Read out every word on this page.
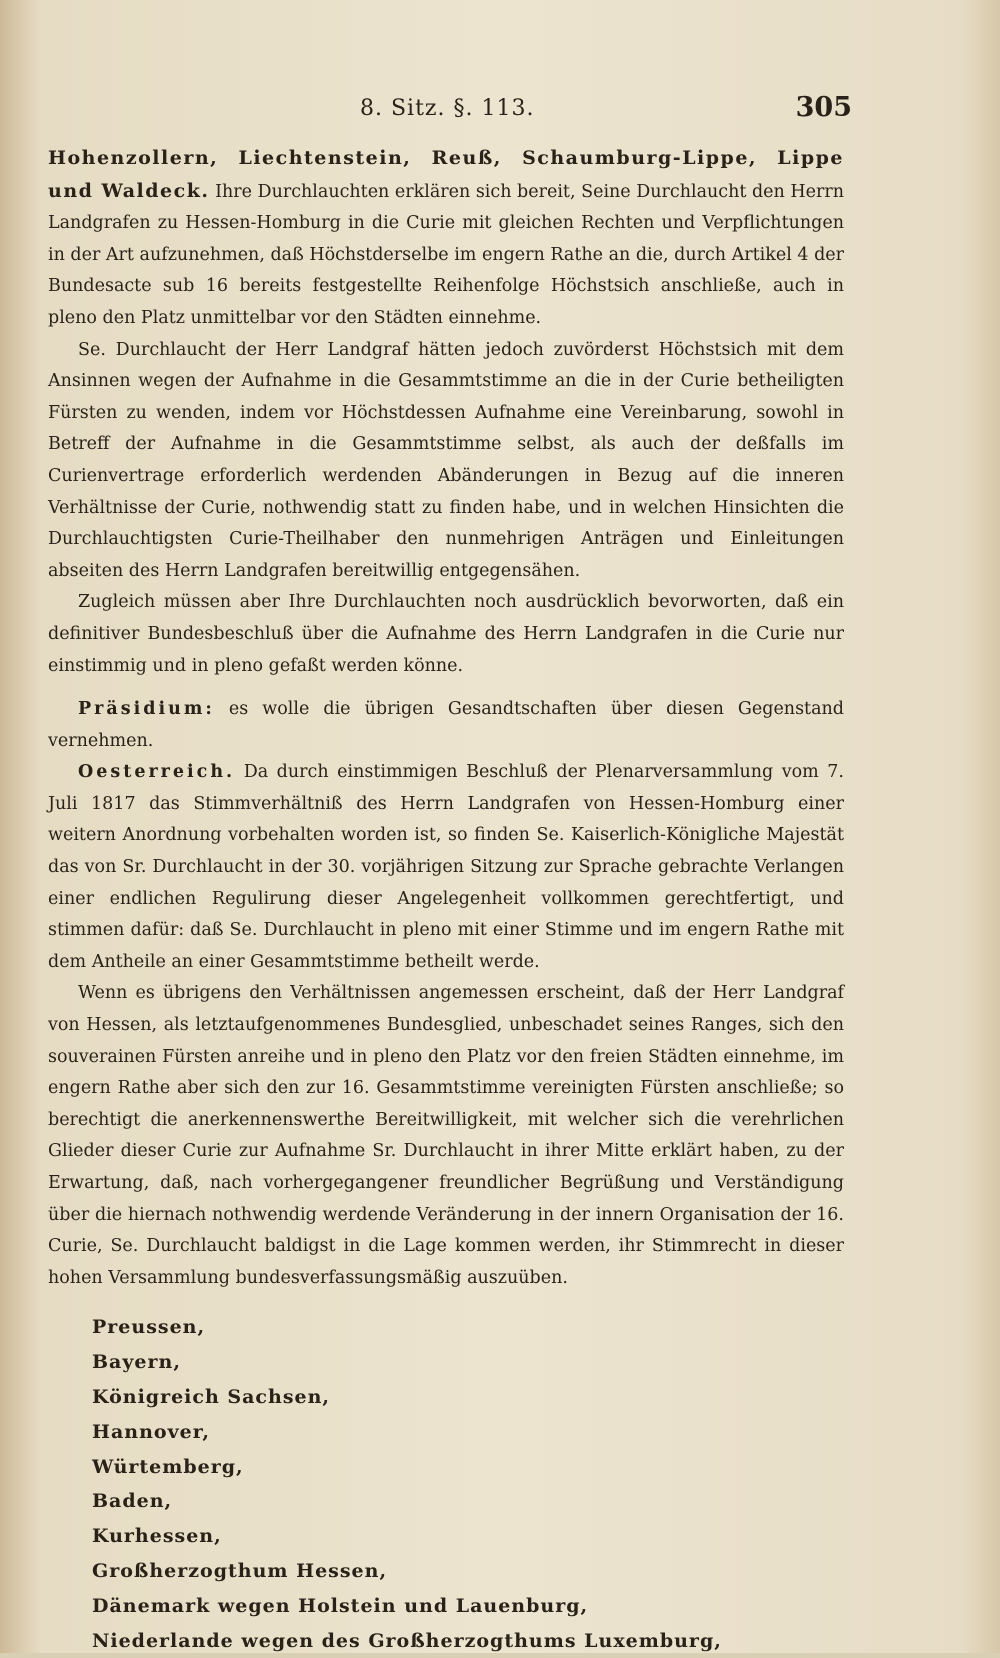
8. Sitz. §. 113.	305

Hohenzollern, Liechtenstein, Reuß, Schaumburg-Lippe, Lippe und Waldeck. Ihre Durchlauchten erklären sich bereit, Seine Durchlaucht den Herrn Landgrafen zu Hessen-Homburg in die Curie mit gleichen Rechten und Verpflichtungen in der Art aufzunehmen, daß Höchstderselbe im engern Rathe an die, durch Artikel 4 der Bundesacte sub 16 bereits festgestellte Reihenfolge Höchstsich anschließe, auch in pleno den Platz unmittelbar vor den Städten einnehme.

Se. Durchlaucht der Herr Landgraf hätten jedoch zuvörderst Höchstsich mit dem Ansinnen wegen der Aufnahme in die Gesammtstimme an die in der Curie betheiligten Fürsten zu wenden, indem vor Höchstdessen Aufnahme eine Vereinbarung, sowohl in Betreff der Aufnahme in die Gesammtstimme selbst, als auch der deßfalls im Curienvertrage erforderlich werdenden Abänderungen in Bezug auf die inneren Verhältnisse der Curie, nothwendig statt zu finden habe, und in welchen Hinsichten die Durchlauchtigsten Curie-Theilhaber den nunmehrigen Anträgen und Einleitungen abseiten des Herrn Landgrafen bereitwillig entgegensähen.

Zugleich müssen aber Ihre Durchlauchten noch ausdrücklich bevorworten, daß ein definitiver Bundesbeschluß über die Aufnahme des Herrn Landgrafen in die Curie nur einstimmig und in pleno gefaßt werden könne.

Präsidium: es wolle die übrigen Gesandtschaften über diesen Gegenstand vernehmen.

Oesterreich. Da durch einstimmigen Beschluß der Plenarversammlung vom 7. Juli 1817 das Stimmverhältniß des Herrn Landgrafen von Hessen-Homburg einer weitern Anordnung vorbehalten worden ist, so finden Se. Kaiserlich-Königliche Majestät das von Sr. Durchlaucht in der 30. vorjährigen Sitzung zur Sprache gebrachte Verlangen einer endlichen Regulirung dieser Angelegenheit vollkommen gerechtfertigt, und stimmen dafür: daß Se. Durchlaucht in pleno mit einer Stimme und im engern Rathe mit dem Antheile an einer Gesammtstimme betheilt werde.

Wenn es übrigens den Verhältnissen angemessen erscheint, daß der Herr Landgraf von Hessen, als letztaufgenommenes Bundesglied, unbeschadet seines Ranges, sich den souverainen Fürsten anreihe und in pleno den Platz vor den freien Städten einnehme, im engern Rathe aber sich den zur 16. Gesammtstimme vereinigten Fürsten anschließe; so berechtigt die anerkennenswerthe Bereitwilligkeit, mit welcher sich die verehrlichen Glieder dieser Curie zur Aufnahme Sr. Durchlaucht in ihrer Mitte erklärt haben, zu der Erwartung, daß, nach vorhergegangener freundlicher Begrüßung und Verständigung über die hiernach nothwendig werdende Veränderung in der innern Organisation der 16. Curie, Se. Durchlaucht baldigst in die Lage kommen werden, ihr Stimmrecht in dieser hohen Versammlung bundesverfassungsmäßig auszuüben.

Preussen,
Bayern,
Königreich Sachsen,
Hannover,
Würtemberg,
Baden,
Kurhessen,
Großherzogthum Hessen,
Dänemark wegen Holstein und Lauenburg,
Niederlande wegen des Großherzogthums Luxemburg,
